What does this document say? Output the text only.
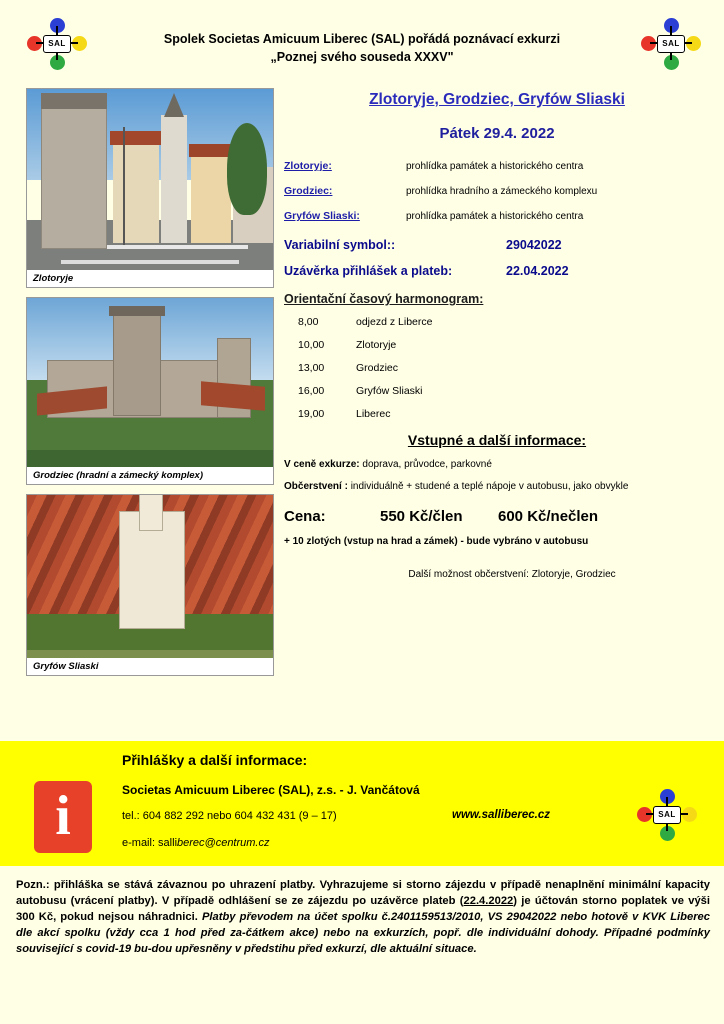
SAL	Spolek Societas Amicuum Liberec (SAL) pořádá poznávací exkurzi
„Poznej svého souseda XXXV"
SAL
Zlotoryje
Grodziec (hradní a zámecký komplex)
Gryfów Sliaski
Zlotoryje, Grodziec, Gryfów Sliaski
Pátek 29.4. 2022
Zlotoryje:	prohlídka památek a historického centra
Grodziec:	prohlídka hradního a zámeckého komplexu
Gryfów Sliaski:	prohlídka památek a historického centra
Variabilní symbol::	29042022
Uzávěrka přihlášek a plateb:	22.04.2022
Orientační časový harmonogram:
8,00	odjezd z Liberce
10,00	Zlotoryje
13,00	Grodziec
16,00	Gryfów Sliaski
19,00	Liberec
Vstupné a další informace:
V ceně exkurze: doprava, průvodce, parkovné
Občerstvení : individuálně + studené a teplé nápoje v autobusu, jako obvykle
Cena:	550 Kč/člen	600 Kč/nečlen
+ 10 zlotých (vstup na hrad a zámek) - bude vybráno v autobusu
Další možnost občerstvení: Zlotoryje, Grodziec
i
Přihlášky a další informace:
Societas Amicuum Liberec (SAL), z.s. - J. Vančátová
tel.: 604 882 292 nebo 604 432 431 (9 – 17)	www.salliberec.cz
e-mail: salliberec@centrum.cz
SAL
Pozn.: přihláška se stává závaznou po uhrazení platby. Vyhrazujeme si storno zájezdu v případě nenaplnění minimální kapacity autobusu (vrácení platby). V případě odhlášení se ze zájezdu po uzávěrce plateb (22.4.2022) je účtován storno poplatek ve výši 300 Kč, pokud nejsou náhradnici. Platby převodem na účet spolku č.2401159513/2010, VS 29042022 nebo hotově v KVK Liberec dle akcí spolku (vždy cca 1 hod před za-čátkem akce) nebo na exkurzích, popř. dle individuální dohody. Případné podmínky související s covid-19 bu-dou upřesněny v předstihu před exkurzí, dle aktuální situace.
